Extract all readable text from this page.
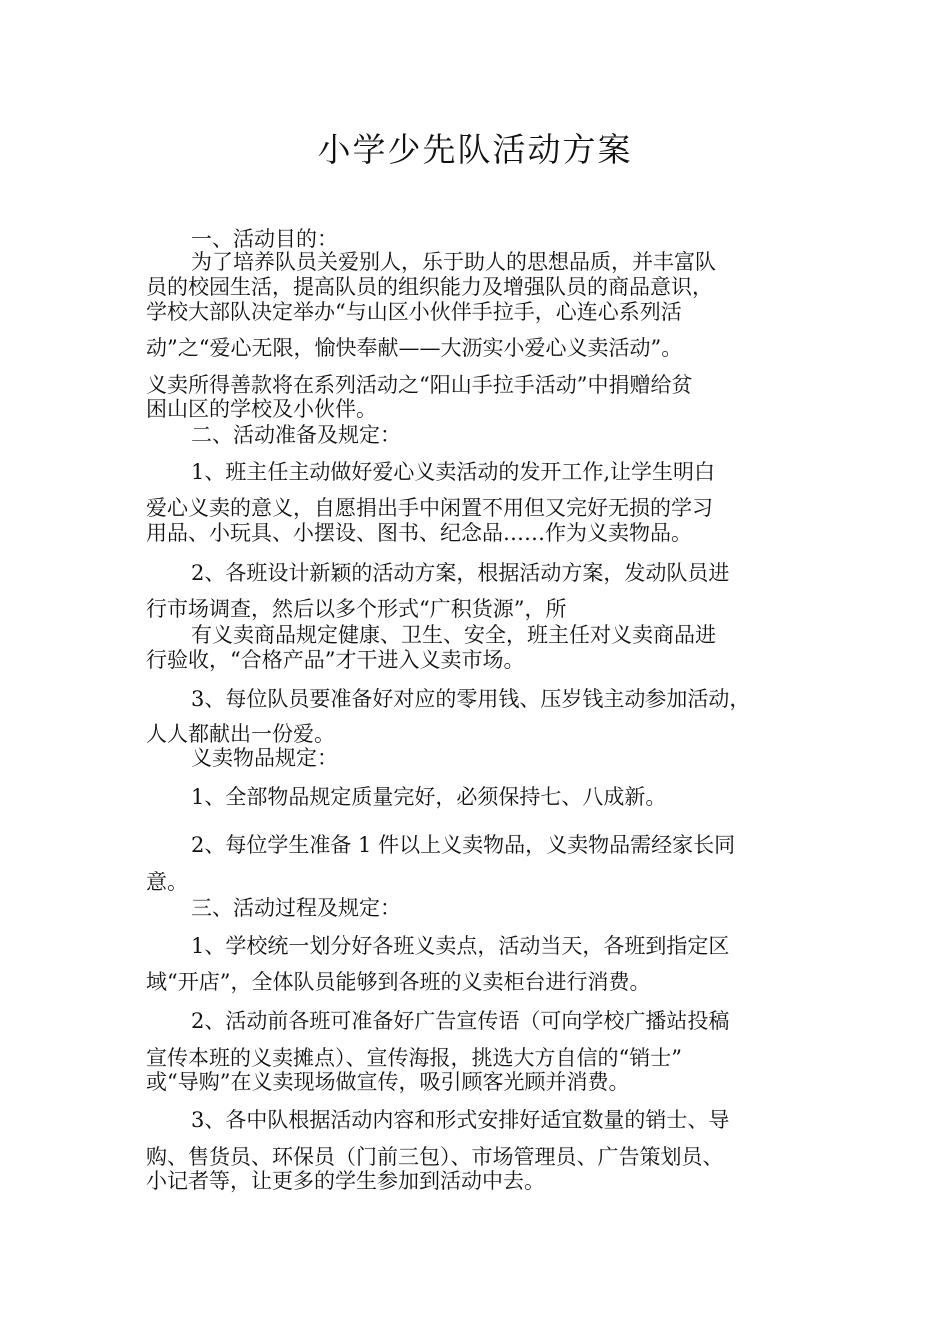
小学少先队活动方案
一、活动目的：
为了培养队员关爱别人，乐于助人的思想品质，并丰富队
员的校园生活，提高队员的组织能力及增强队员的商品意识，
学校大部队决定举办“与山区小伙伴手拉手，心连心系列活
动”之“爱心无限，愉快奉献——大沥实小爱心义卖活动”。
义卖所得善款将在系列活动之“阳山手拉手活动”中捐赠给贫
困山区的学校及小伙伴。
二、活动准备及规定：
1、班主任主动做好爱心义卖活动的发开工作,让学生明白
爱心义卖的意义，自愿捐出手中闲置不用但又完好无损的学习
用品、小玩具、小摆设、图书、纪念品……作为义卖物品。
2、各班设计新颖的活动方案，根据活动方案，发动队员进
行市场调查，然后以多个形式“广积货源”，所
有义卖商品规定健康、卫生、安全，班主任对义卖商品进
行验收，“合格产品”才干进入义卖市场。
3、每位队员要准备好对应的零用钱、压岁钱主动参加活动，
人人都献出一份爱。
义卖物品规定：
1、全部物品规定质量完好，必须保持七、八成新。
2、每位学生准备 1 件以上义卖物品，义卖物品需经家长同
意。
三、活动过程及规定：
1、学校统一划分好各班义卖点，活动当天，各班到指定区
域“开店”，全体队员能够到各班的义卖柜台进行消费。
2、活动前各班可准备好广告宣传语（可向学校广播站投稿
宣传本班的义卖摊点）、宣传海报，挑选大方自信的“销士”
或“导购”在义卖现场做宣传，吸引顾客光顾并消费。
3、各中队根据活动内容和形式安排好适宜数量的销士、导
购、售货员、环保员（门前三包）、市场管理员、广告策划员、
小记者等，让更多的学生参加到活动中去。
